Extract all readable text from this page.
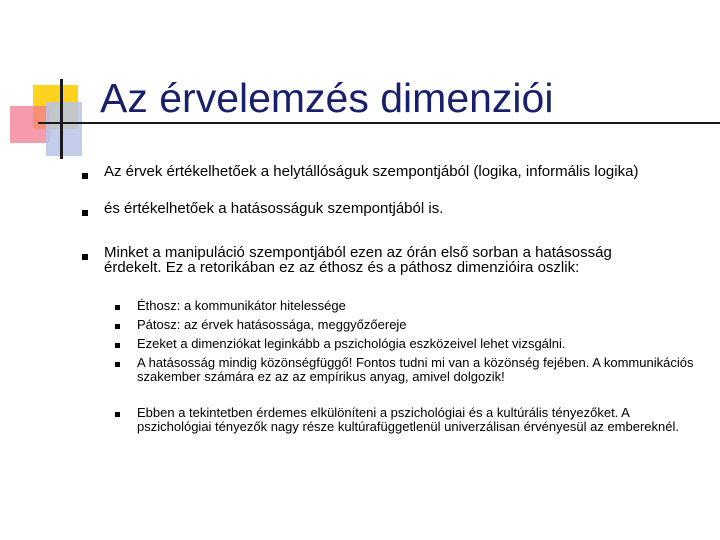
Az érvelemzés dimenziói
Az érvek értékelhetőek a helytállóságuk szempontjából (logika, informális logika)
és értékelhetőek a hatásosságuk szempontjából is.
Minket a manipuláció szempontjából ezen az órán első sorban a hatásosság érdekelt. Ez a retorikában ez az éthosz és a páthosz dimenzióira oszlik:
Éthosz: a kommunikátor hitelessége
Pátosz: az érvek hatásossága, meggyőzőereje
Ezeket a dimenziókat leginkább a pszichológia eszközeivel lehet vizsgálni.
A hatásosság mindig közönségfüggő! Fontos tudni mi van a közönség fejében. A kommunikációs szakember számára ez az az empírikus anyag, amivel dolgozik!
Ebben a tekintetben érdemes elkülöníteni a pszichológiai és a kultúrális tényezőket. A pszichológiai tényezők nagy része kultúrafüggetlenül univerzálisan érvényesül az embereknél.
